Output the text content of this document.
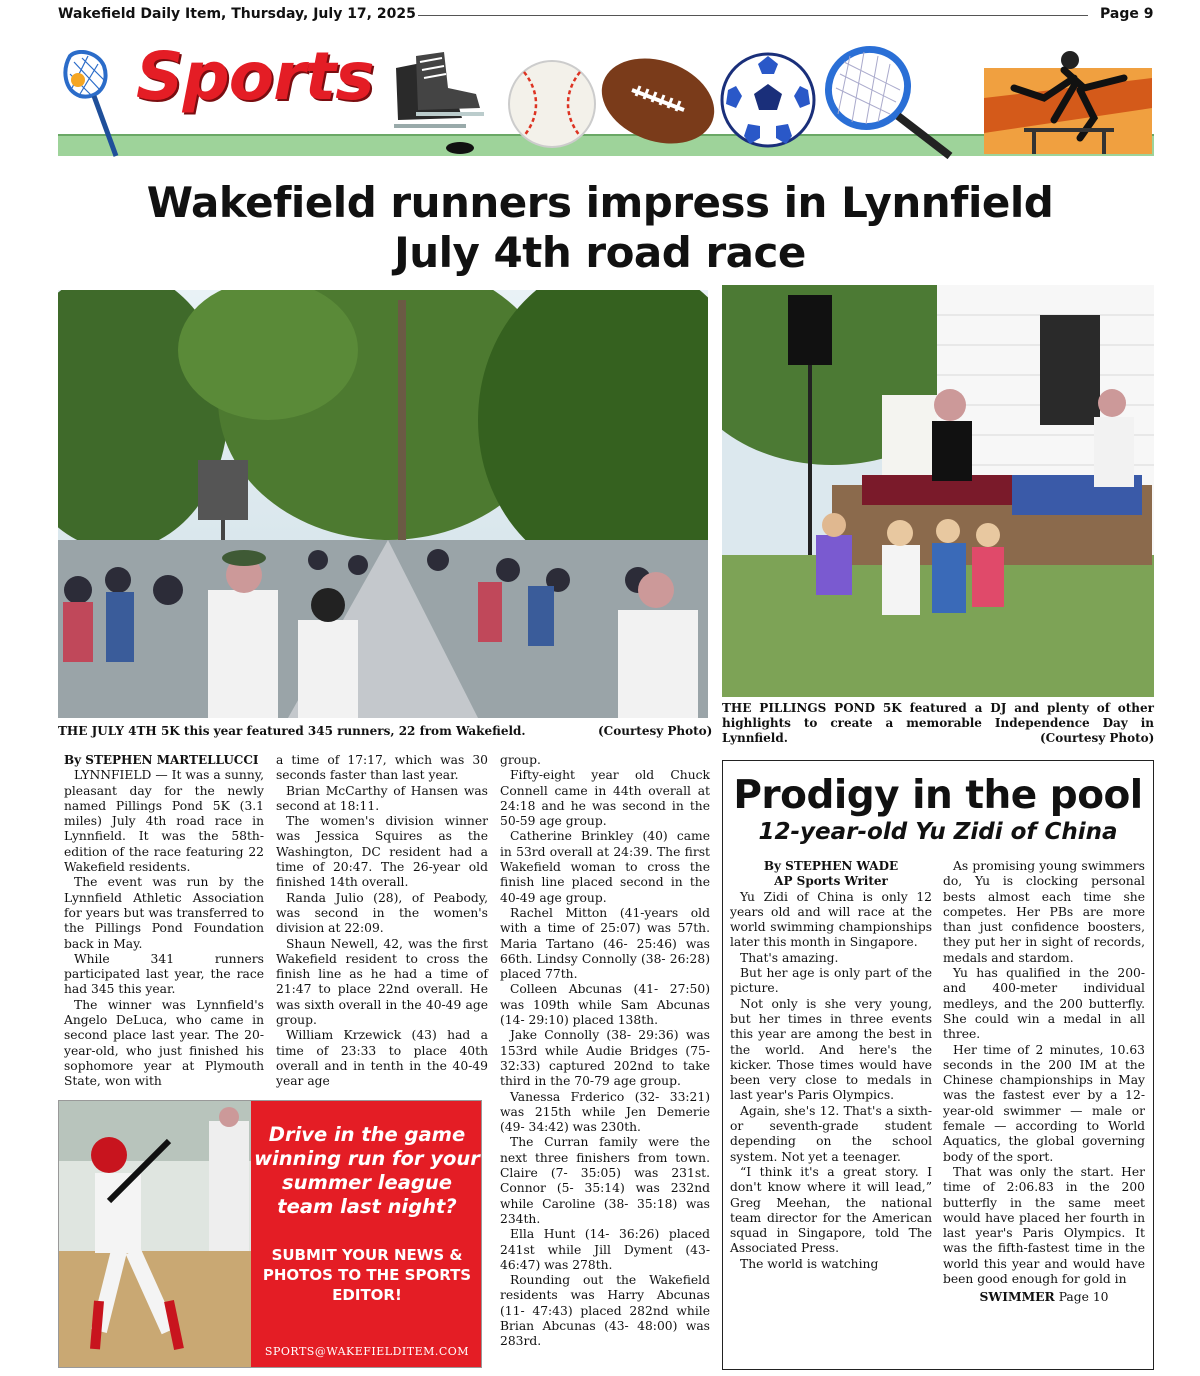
Wakefield Daily Item, Thursday, July 17, 2025	Page 9
Sports
Wakefield runners impress in Lynnfield
July 4th road race
THE JULY 4TH 5K this year featured 345 runners, 22 from Wakefield.	(Courtesy Photo)
THE PILLINGS POND 5K featured a DJ and plenty of other highlights to create a memorable Independence Day in Lynnfield.	(Courtesy Photo)

By STEPHEN MARTELLUCCI

LYNNFIELD — It was a sunny, pleasant day for the newly named Pillings Pond 5K (3.1 miles) July 4th road race in Lynnfield. It was the 58th-edition of the race featuring 22 Wakefield residents.

The event was run by the Lynnfield Athletic Association for years but was transferred to the Pillings Pond Foundation back in May.

While 341 runners participated last year, the race had 345 this year.

The winner was Lynnfield's Angelo DeLuca, who came in second place last year. The 20-year-old, who just finished his sophomore year at Plymouth State, won with

a time of 17:17, which was 30 seconds faster than last year.

Brian McCarthy of Hansen was second at 18:11.

The women's division winner was Jessica Squires as the Washington, DC resident had a time of 20:47. The 26-year old finished 14th overall.

Randa Julio (28), of Peabody, was second in the women's division at 22:09.

Shaun Newell, 42, was the first Wakefield resident to cross the finish line as he had a time of 21:47 to place 22nd overall. He was sixth overall in the 40-49 age group.

William Krzewick (43) had a time of 23:33 to place 40th overall and in tenth in the 40-49 year age

group.

Fifty-eight year old Chuck Connell came in 44th overall at 24:18 and he was second in the 50-59 age group.

Catherine Brinkley (40) came in 53rd overall at 24:39. The first Wakefield woman to cross the finish line placed second in the 40-49 age group.

Rachel Mitton (41-years old with a time of 25:07) was 57th. Maria Tartano (46- 25:46) was 66th. Lindsy Connolly (38- 26:28) placed 77th.

Colleen Abcunas (41- 27:50) was 109th while Sam Abcunas (14- 29:10) placed 138th.

Jake Connolly (38- 29:36) was 153rd while Audie Bridges (75- 32:33) captured 202nd to take third in the 70-79 age group.

Vanessa Frderico (32- 33:21) was 215th while Jen Demerie (49- 34:42) was 230th.

The Curran family were the next three finishers from town. Claire (7- 35:05) was 231st. Connor (5- 35:14) was 232nd while Caroline (38- 35:18) was 234th.

Ella Hunt (14- 36:26) placed 241st while Jill Dyment (43- 46:47) was 278th.

Rounding out the Wakefield residents was Harry Abcunas (11- 47:43) placed 282nd while Brian Abcunas (43- 48:00) was 283rd.

Prodigy in the pool
12-year-old Yu Zidi of China

By STEPHEN WADE

AP Sports Writer

Yu Zidi of China is only 12 years old and will race at the world swimming championships later this month in Singapore.

That's amazing.

But her age is only part of the picture.

Not only is she very young, but her times in three events this year are among the best in the world. And here's the kicker. Those times would have been very close to medals in last year's Paris Olympics.

Again, she's 12. That's a sixth- or seventh-grade student depending on the school system. Not yet a teenager.

“I think it's a great story. I don't know where it will lead,” Greg Meehan, the national team director for the American squad in Singapore, told The Associated Press.

The world is watching

As promising young swimmers do, Yu is clocking personal bests almost each time she competes. Her PBs are more than just confidence boosters, they put her in sight of records, medals and stardom.

Yu has qualified in the 200- and 400-meter individual medleys, and the 200 butterfly. She could win a medal in all three.

Her time of 2 minutes, 10.63 seconds in the 200 IM at the Chinese championships in May was the fastest ever by a 12-year-old swimmer — male or female — according to World Aquatics, the global governing body of the sport.

That was only the start. Her time of 2:06.83 in the 200 butterfly in the same meet would have placed her fourth in last year's Paris Olympics. It was the fifth-fastest time in the world this year and would have been good enough for gold in

SWIMMER Page 10

Drive in the game winning run for your summer league team last night?
SUBMIT YOUR NEWS & PHOTOS TO THE SPORTS EDITOR!
SPORTS@WAKEFIELDITEM.COM
